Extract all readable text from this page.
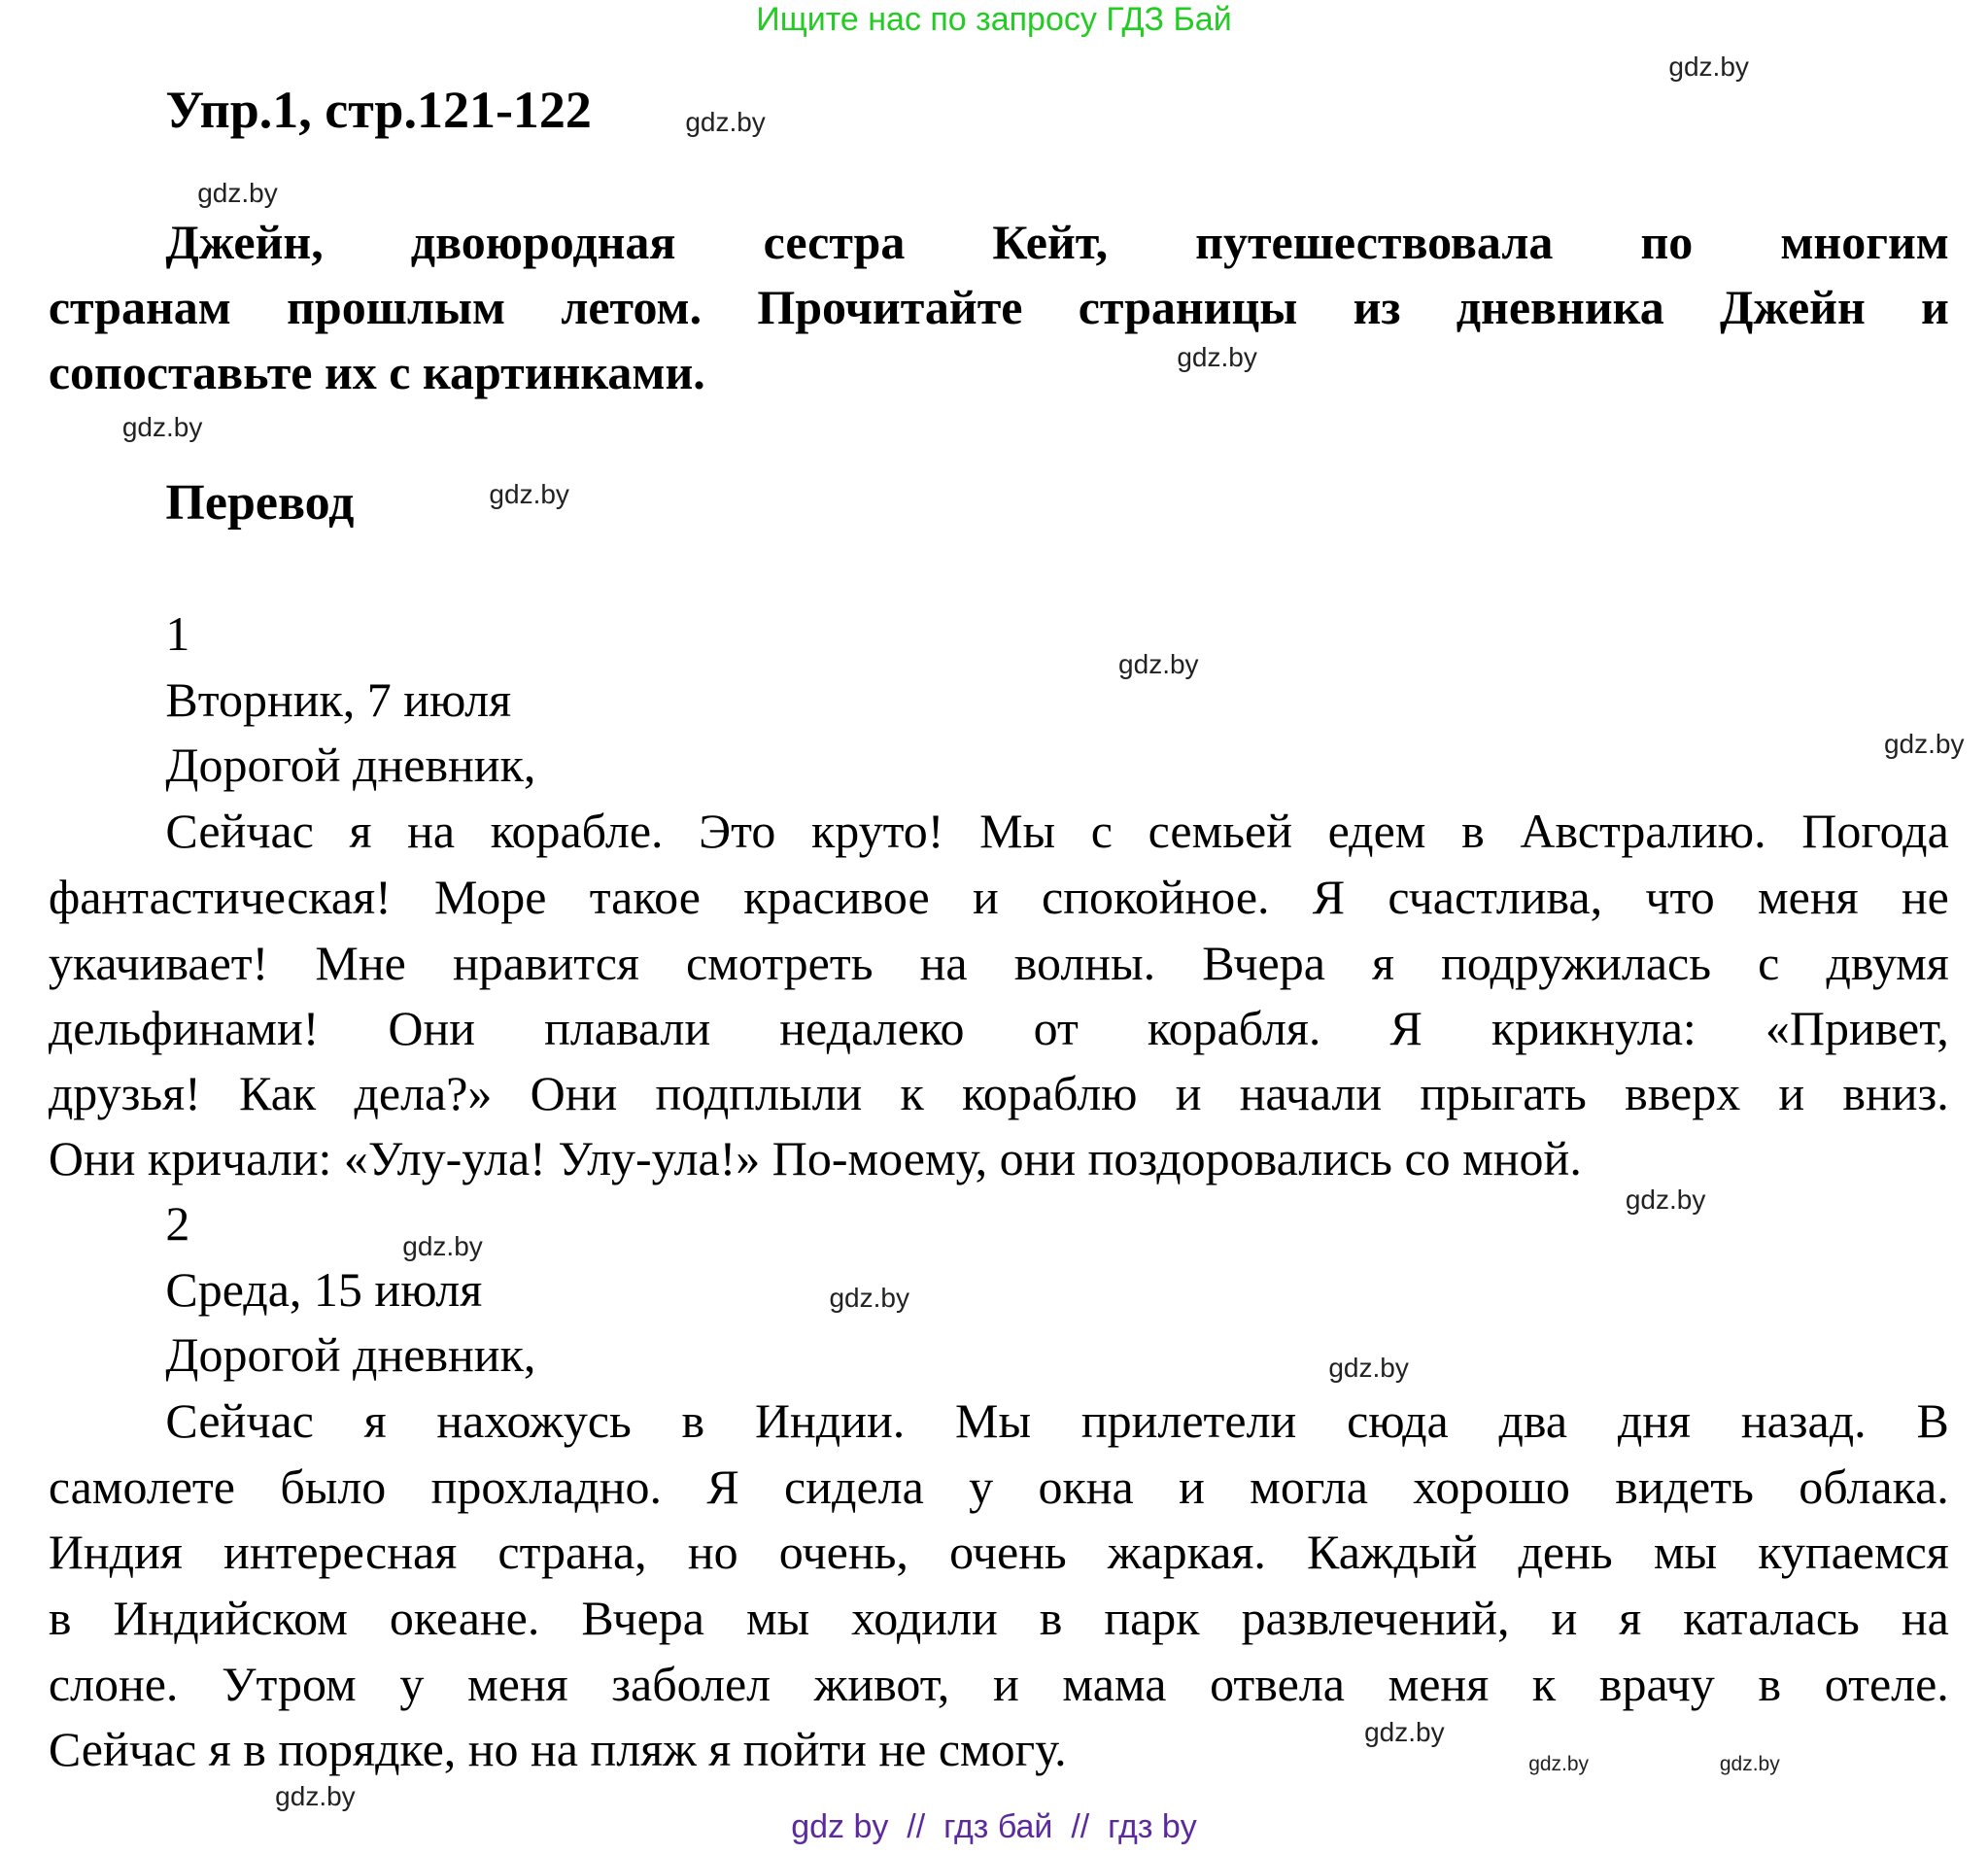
Ищите нас по запросу ГДЗ Бай
Упр.1, стр.121-122
Джейн, двоюродная сестра Кейт, путешествовала по многим
странам прошлым летом. Прочитайте страницы из дневника Джейн и
сопоставьте их с картинками.
Перевод
1
Вторник, 7 июля
Дорогой дневник,
Сейчас я на корабле. Это круто! Мы с семьей едем в Австралию. Погода
фантастическая! Море такое красивое и спокойное. Я счастлива, что меня не
укачивает! Мне нравится смотреть на волны. Вчера я подружилась с двумя
дельфинами! Они плавали недалеко от корабля. Я крикнула: «Привет,
друзья! Как дела?» Они подплыли к кораблю и начали прыгать вверх и вниз.
Они кричали: «Улу-ула! Улу-ула!» По-моему, они поздоровались со мной.
2
Среда, 15 июля
Дорогой дневник,
Сейчас я нахожусь в Индии. Мы прилетели сюда два дня назад. В
самолете было прохладно. Я сидела у окна и могла хорошо видеть облака.
Индия интересная страна, но очень, очень жаркая. Каждый день мы купаемся
в Индийском океане. Вчера мы ходили в парк развлечений, и я каталась на
слоне. Утром у меня заболел живот, и мама отвела меня к врачу в отеле.
Сейчас я в порядке, но на пляж я пойти не смогу.
gdz.by
gdz.by
gdz.by
gdz.by
gdz.by
gdz.by
gdz.by
gdz.by
gdz.by
gdz.by
gdz.by
gdz.by
gdz.by	gdz.by
gdz.by
gdz.by
gdz by  //  гдз бай  //  гдз by
